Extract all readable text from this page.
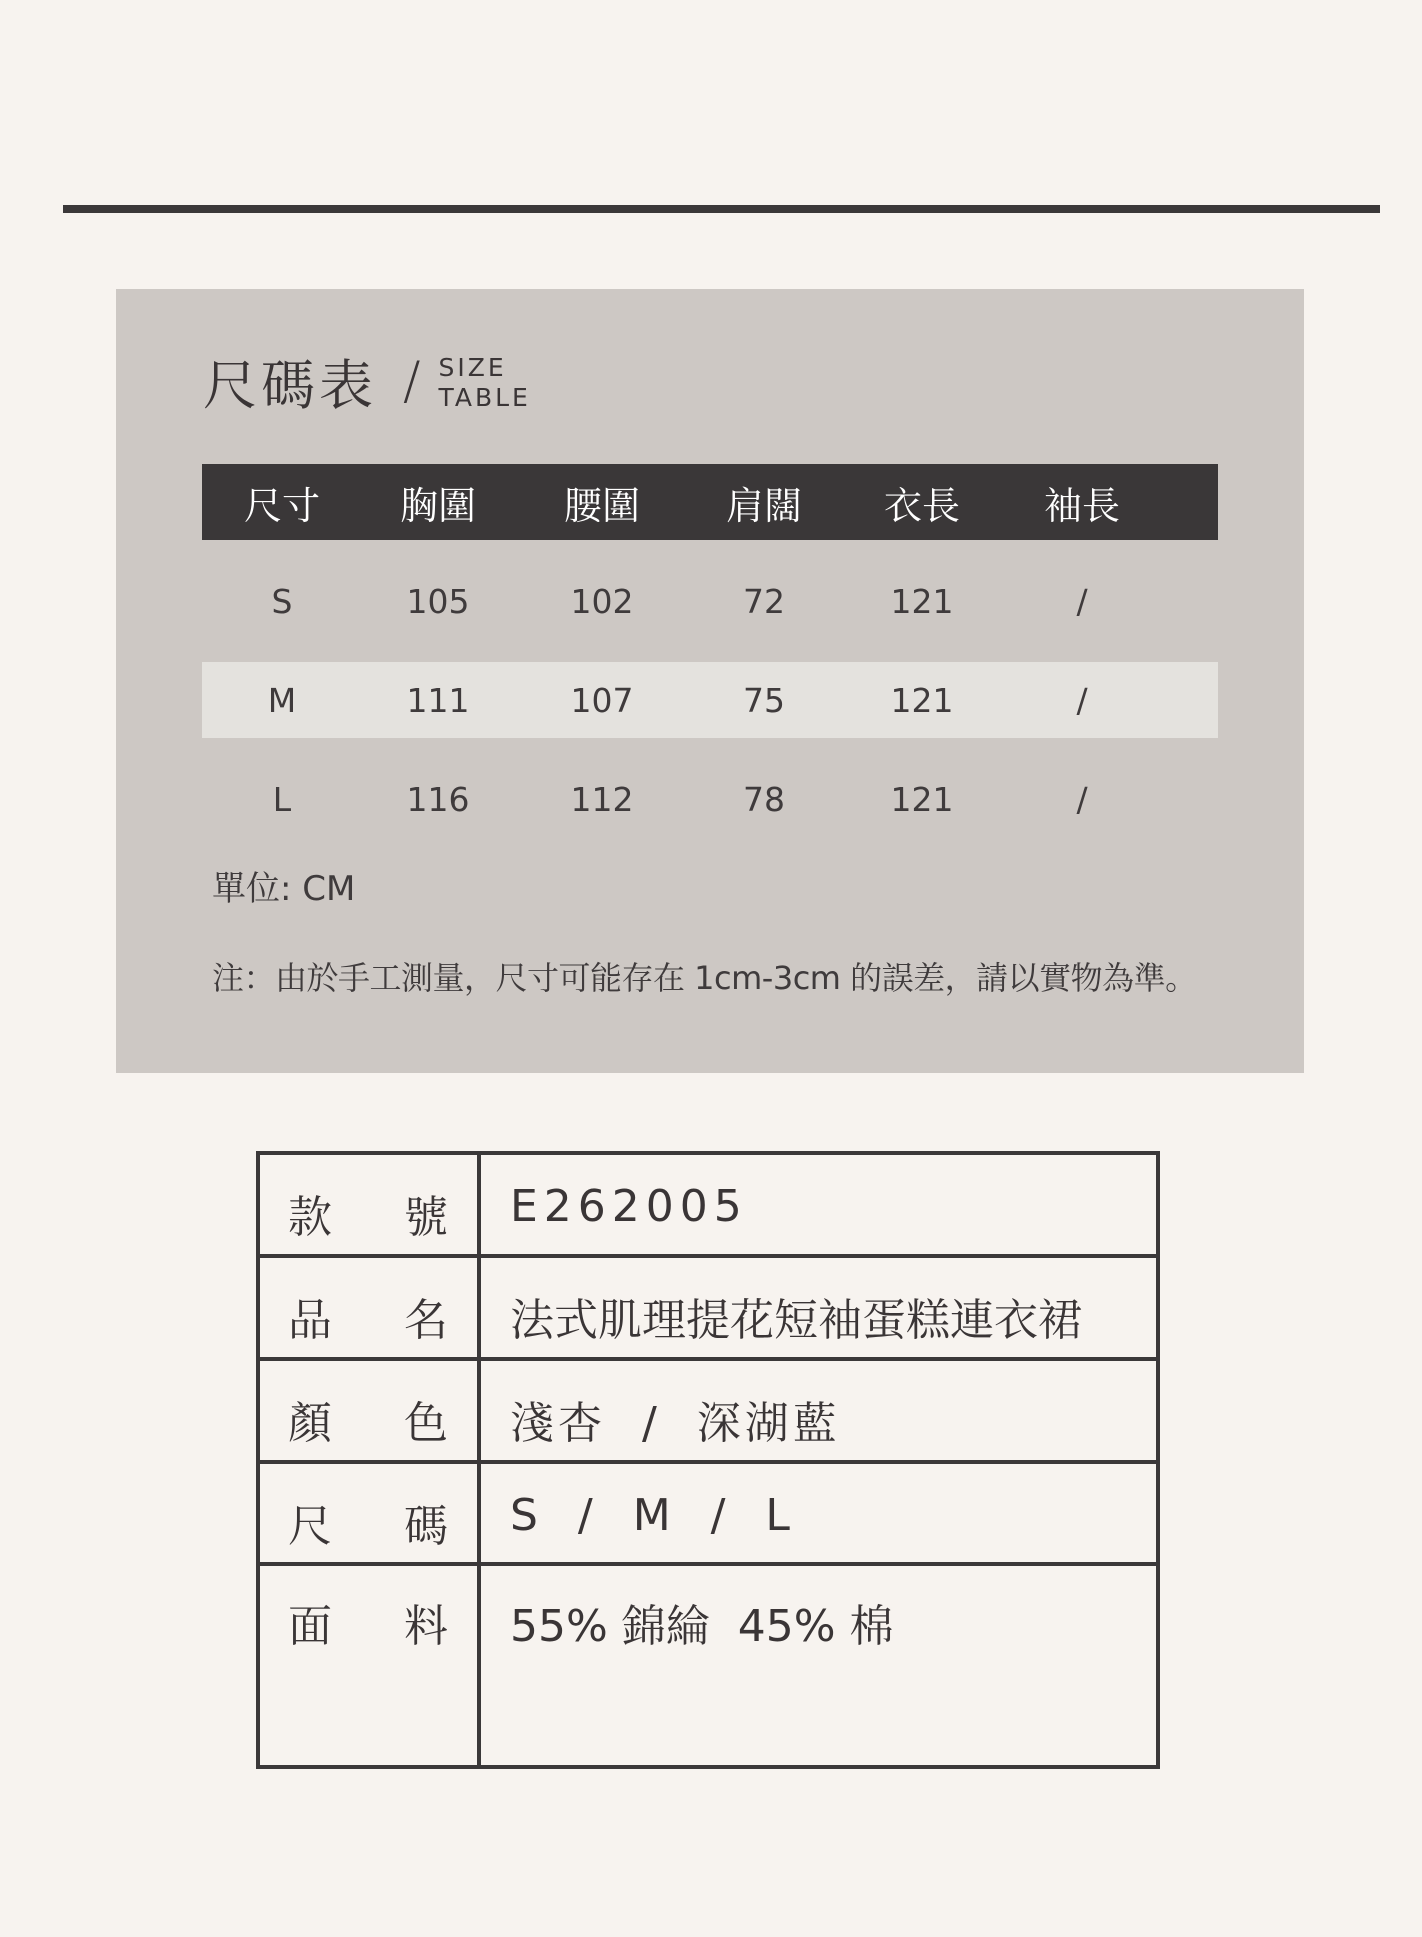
尺碼表 / SIZE
TABLE
尺寸	胸圍	腰圍	肩闊	衣長	袖長
S	105	102	72	121	/
M	111	107	75	121	/
L	116	112	78	121	/
單位: CM
注：由於手工測量，尺寸可能存在 1cm-3cm 的誤差，請以實物為準。
款 號 E262005
品 名 法式肌理提花短袖蛋糕連衣裙
顏 色 淺杏  /  深湖藍
尺 碼 S  /  M  /  L
面 料 55% 錦綸  45% 棉
